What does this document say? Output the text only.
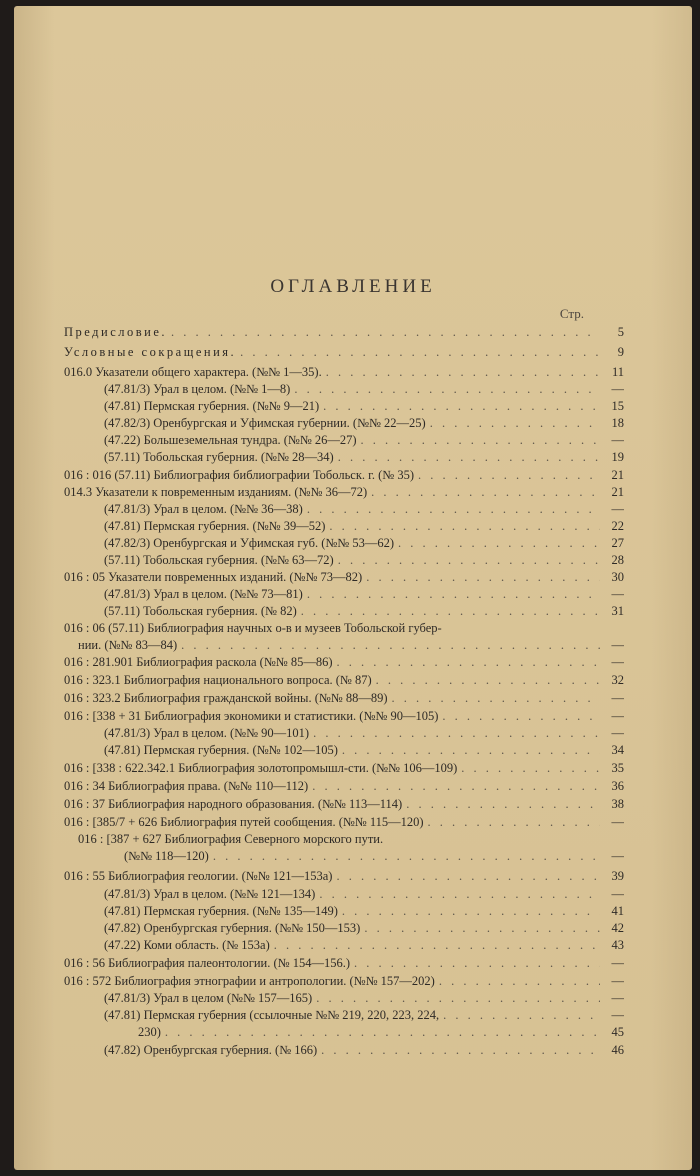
ОГЛАВЛЕНИЕ
Стр.
Предисловие. . . .	5
Условные сокращения. . . .	9
016.0 Указатели общего характера. (№№ 1—35). . . .	11
(47.81/3) Урал в целом. (№№ 1—8) . . .	—
(47.81) Пермская губерния. (№№ 9—21) . . .	15
(47.82/3) Оренбургская и Уфимская губернии. (№№ 22—25) . . .	18
(47.22) Большеземельная тундра. (№№ 26—27) . . .	—
(57.11) Тобольская губерния. (№№ 28—34) . . .	19
016 : 016 (57.11) Библиография библиографии Тобольск. г. (№ 35) . . .	21
014.3 Указатели к повременным изданиям. (№№ 36—72) . . .	21
(47.81/3) Урал в целом. (№№ 36—38) . . .	—
(47.81) Пермская губерния. (№№ 39—52) . . .	22
(47.82/3) Оренбургская и Уфимская губ. (№№ 53—62) . . .	27
(57.11) Тобольская губерния. (№№ 63—72) . . .	28
016 : 05 Указатели повременных изданий. (№№ 73—82) . . .	30
(47.81/3) Урал в целом. (№№ 73—81) . . .	—
(57.11) Тобольская губерния. (№ 82) . . .	31
016 : 06 (57.11) Библиография научных о-в и музеев Тобольской губер-
нии. (№№ 83—84) . . .	—
016 : 281.901 Библиография раскола (№№ 85—86) . . .	—
016 : 323.1 Библиография национального вопроса. (№ 87) . . .	32
016 : 323.2 Библиография гражданской войны. (№№ 88—89) . . .	—
016 : [338 + 31 Библиография экономики и статистики. (№№ 90—105) . . .	—
(47.81/3) Урал в целом. (№№ 90—101) . . .	—
(47.81) Пермская губерния. (№№ 102—105) . . .	34
016 : [338 : 622.342.1 Библиография золотопромышл-сти. (№№ 106—109) . . .	35
016 : 34 Библиография права. (№№ 110—112) . . .	36
016 : 37 Библиография народного образования. (№№ 113—114) . . .	38
016 : [385/7 + 626 Библиография путей сообщения. (№№ 115—120) . . .	—
016 : [387 + 627 Библиография Северного морского пути.
(№№ 118—120) . . .	—
016 : 55 Библиография геологии. (№№ 121—153а) . . .	39
(47.81/3) Урал в целом. (№№ 121—134) . . .	—
(47.81) Пермская губерния. (№№ 135—149) . . .	41
(47.82) Оренбургская губерния. (№№ 150—153) . . .	42
(47.22) Коми область. (№ 153а) . . .	43
016 : 56 Библиография палеонтологии. (№ 154—156.) . . .	—
016 : 572 Библиография этнографии и антропологии. (№№ 157—202) . . .	—
(47.81/3) Урал в целом (№№ 157—165) . . .	—
(47.81) Пермская губерния (ссылочные №№ 219, 220, 223, 224, . . .	—
230) . . .	45
(47.82) Оренбургская губерния. (№ 166) . . .	46
